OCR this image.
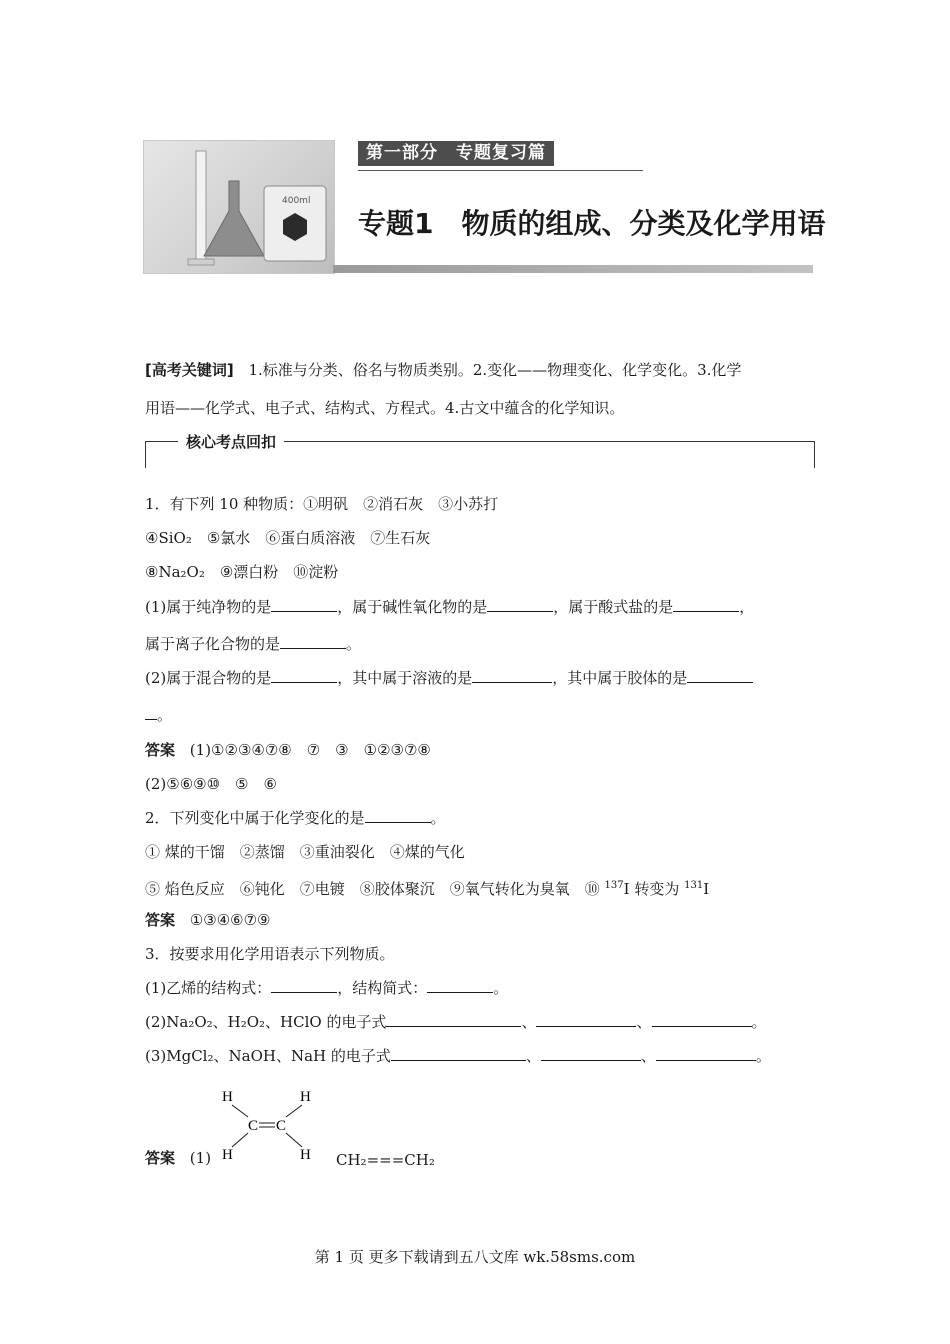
400ml
第一部分　专题复习篇
专题1　物质的组成、分类及化学用语
[高考关键词] 1.标准与分类、俗名与物质类别。2.变化——物理变化、化学变化。3.化学
用语——化学式、电子式、结构式、方程式。4.古文中蕴含的化学知识。
核心考点回扣
1．有下列 10 种物质：①明矾　②消石灰　③小苏打
④SiO₂　⑤氯水　⑥蛋白质溶液　⑦生石灰
⑧Na₂O₂　⑨漂白粉　⑩淀粉
(1)属于纯净物的是	，属于碱性氧化物的是	，属于酸式盐的是	，
属于离子化合物的是	。
(2)属于混合物的是	，其中属于溶液的是	，其中属于胶体的是
。
答案 (1)①②③④⑦⑧　⑦　③　①②③⑦⑧
(2)⑤⑥⑨⑩　⑤　⑥
2．下列变化中属于化学变化的是	。
① 煤的干馏　②蒸馏　③重油裂化　④煤的气化
⑤ 焰色反应　⑥钝化　⑦电镀　⑧胶体聚沉　⑨氧气转化为臭氧　⑩ $^{137}$I 转变为 $^{131}$I
答案 ①③④⑥⑦⑨
3．按要求用化学用语表示下列物质。
(1)乙烯的结构式：	，结构简式：	。
(2)Na₂O₂、H₂O₂、HClO 的电子式	、	、	。
(3)MgCl₂、NaOH、NaH 的电子式	、	、	。
H	H
C C
H	H
答案 (1)	CH₂===CH₂
第 1 页 更多下载请到五八文库 wk.58sms.com
